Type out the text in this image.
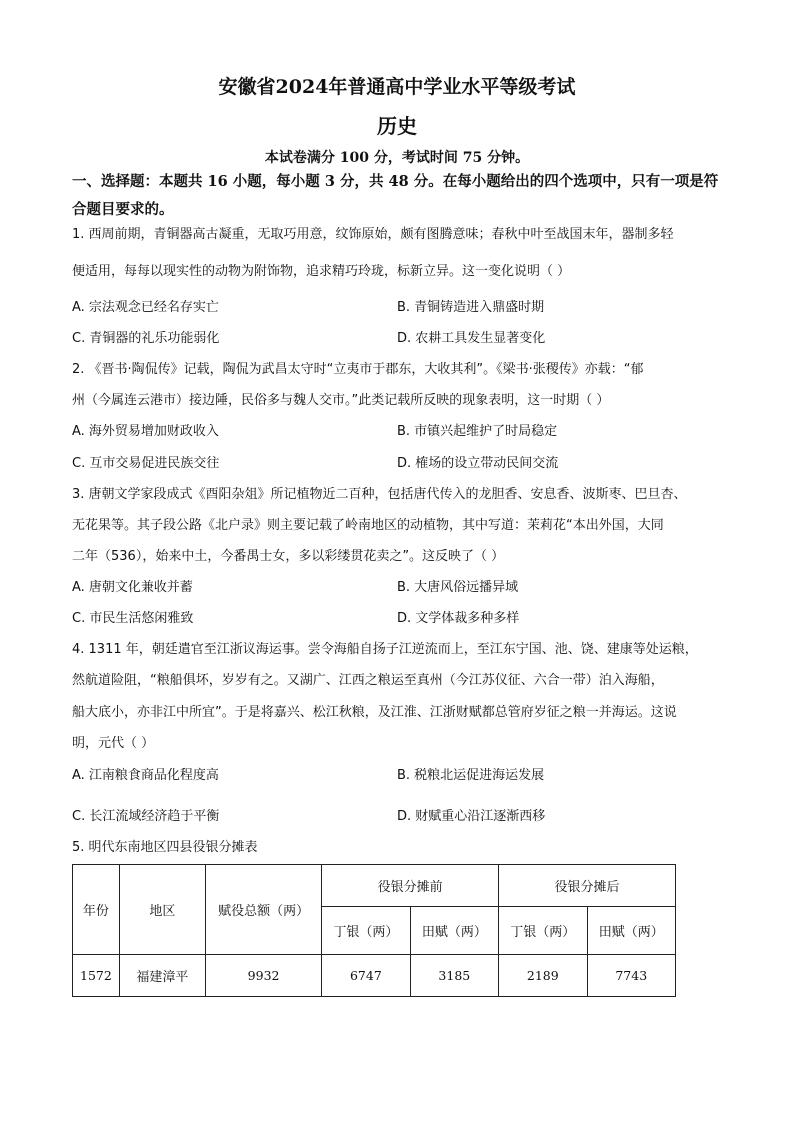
安徽省2024年普通高中学业水平等级考试
历史
本试卷满分 100 分，考试时间 75 分钟。
一、选择题：本题共 16 小题，每小题 3 分，共 48 分。在每小题给出的四个选项中，只有一项是符合题目要求的。
1. 西周前期，青铜器高古凝重，无取巧用意，纹饰原始，颇有图腾意味；春秋中叶至战国末年，器制多轻
便适用，每每以现实性的动物为附饰物，追求精巧玲珑，标新立异。这一变化说明（ ）
A. 宗法观念已经名存实亡	B. 青铜铸造进入鼎盛时期
C. 青铜器的礼乐功能弱化	D. 农耕工具发生显著变化
2. 《晋书·陶侃传》记载，陶侃为武昌太守时“立夷市于郡东，大收其利”。《梁书·张稷传》亦载：“郁
州（今属连云港市）接边陲，民俗多与魏人交市。”此类记载所反映的现象表明，这一时期（ ）
A. 海外贸易增加财政收入	B. 市镇兴起维护了时局稳定
C. 互市交易促进民族交往	D. 榷场的设立带动民间交流
3. 唐朝文学家段成式《酉阳杂俎》所记植物近二百种，包括唐代传入的龙胆香、安息香、波斯枣、巴旦杏、
无花果等。其子段公路《北户录》则主要记载了岭南地区的动植物，其中写道：茉莉花“本出外国，大同
二年（536），始来中土，今番禺士女，多以彩缕贯花卖之”。这反映了（ ）
A. 唐朝文化兼收并蓄	B. 大唐风俗远播异域
C. 市民生活悠闲雅致	D. 文学体裁多种多样
4. 1311 年，朝廷遣官至江浙议海运事。尝令海船自扬子江逆流而上，至江东宁国、池、饶、建康等处运粮，
然航道险阻，“粮船俱坏，岁岁有之。又湖广、江西之粮运至真州（今江苏仪征、六合一带）泊入海船，
船大底小，亦非江中所宜”。于是将嘉兴、松江秋粮，及江淮、江浙财赋都总管府岁征之粮一并海运。这说
明，元代（ ）
A. 江南粮食商品化程度高	B. 税粮北运促进海运发展
C. 长江流域经济趋于平衡	D. 财赋重心沿江逐渐西移
5. 明代东南地区四县役银分摊表
年份	地区	赋役总额（两）	役银分摊前		役银分摊后	
			丁银（两）	田赋（两）	丁银（两）	田赋（两）
1572	福建漳平	9932	6747	3185	2189	7743
